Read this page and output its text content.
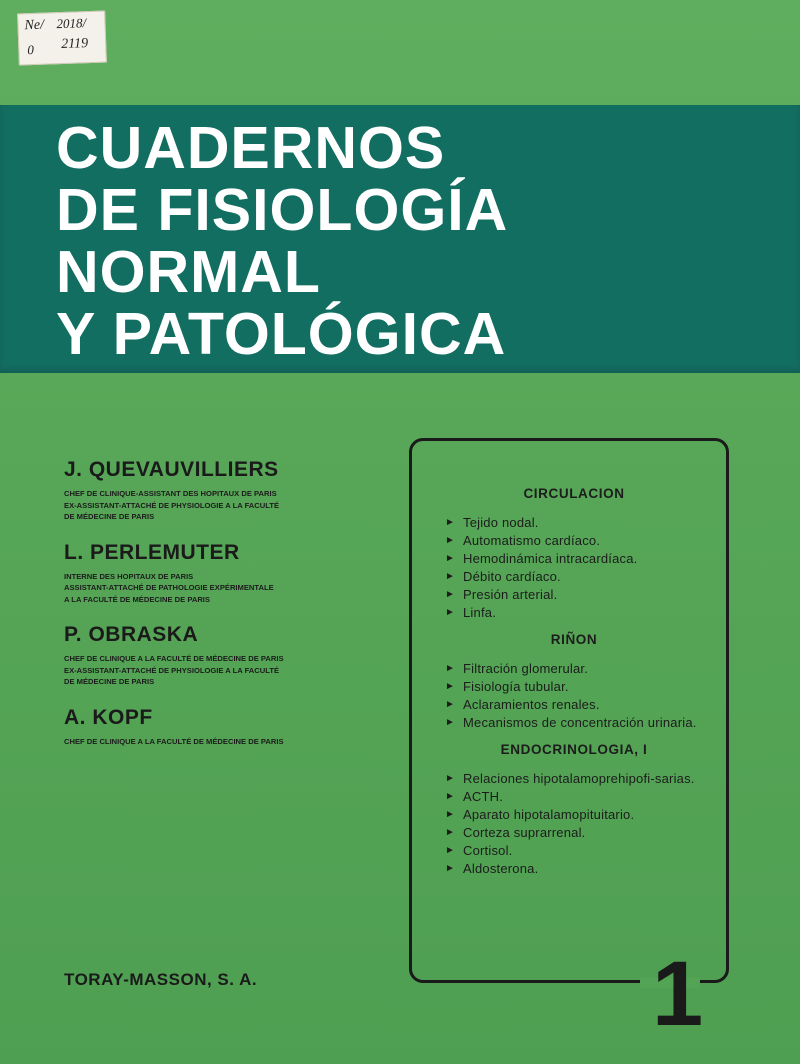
Ne/ 2018/
0 2119
CUADERNOS
DE FISIOLOGÍA
NORMAL
Y PATOLÓGICA
J. QUEVAUVILLIERS
CHEF DE CLINIQUE-ASSISTANT DES HOPITAUX DE PARIS
EX-ASSISTANT-ATTACHÉ DE PHYSIOLOGIE A LA FACULTÉ
DE MÉDECINE DE PARIS
L. PERLEMUTER
INTERNE DES HOPITAUX DE PARIS
ASSISTANT-ATTACHÉ DE PATHOLOGIE EXPÉRIMENTALE
A LA FACULTÉ DE MÉDECINE DE PARIS
P. OBRASKA
CHEF DE CLINIQUE A LA FACULTÉ DE MÉDECINE DE PARIS
EX-ASSISTANT-ATTACHÉ DE PHYSIOLOGIE A LA FACULTÉ
DE MÉDECINE DE PARIS
A. KOPF
CHEF DE CLINIQUE A LA FACULTÉ DE MÉDECINE DE PARIS
1
CIRCULACION
► Tejido nodal.
► Automatismo cardíaco.
► Hemodinámica intracardíaca.
► Débito cardíaco.
► Presión arterial.
► Linfa.
RIÑON
► Filtración glomerular.
► Fisiología tubular.
► Aclaramientos renales.
► Mecanismos de concentración urinaria.
ENDOCRINOLOGIA, I
► Relaciones hipotalamoprehipofi-sarias.
► ACTH.
► Aparato hipotalamopituitario.
► Corteza suprarrenal.
► Cortisol.
► Aldosterona.
TORAY-MASSON, S. A.
